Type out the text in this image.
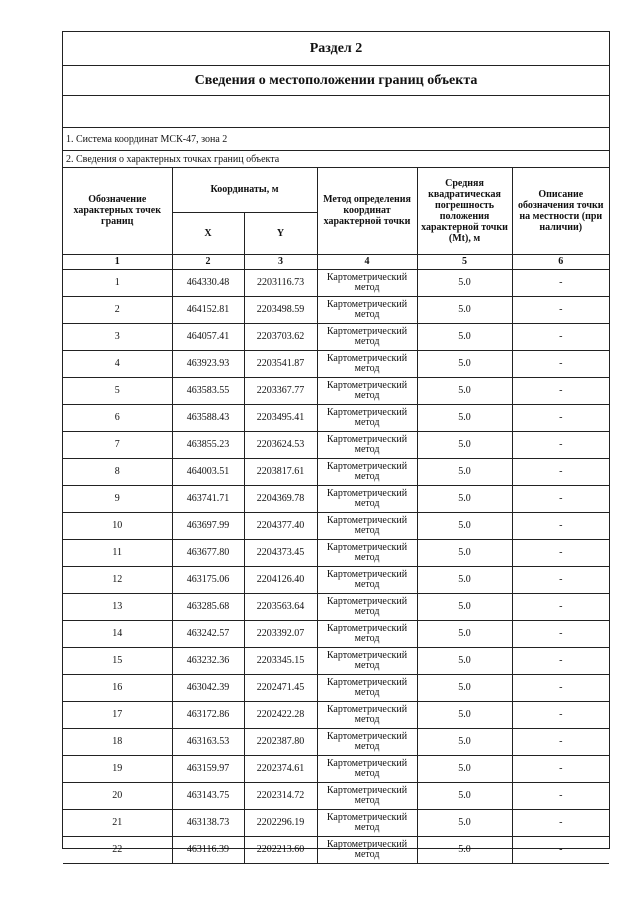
Раздел 2
Сведения о местоположении границ объекта
1. Система координат МСК-47, зона 2
2. Сведения о характерных точках границ объекта
Обозначение характерных точек границ	Координаты, м		Метод определения координат характерной точки	Средняя квадратическая погрешность положения характерной точки (Mt), м	Описание обозначения точки на местности (при наличии)
	X	Y			
1	2	3	4	5	6
1	464330.48	2203116.73	Картометрический метод	5.0	-
2	464152.81	2203498.59	Картометрический метод	5.0	-
3	464057.41	2203703.62	Картометрический метод	5.0	-
4	463923.93	2203541.87	Картометрический метод	5.0	-
5	463583.55	2203367.77	Картометрический метод	5.0	-
6	463588.43	2203495.41	Картометрический метод	5.0	-
7	463855.23	2203624.53	Картометрический метод	5.0	-
8	464003.51	2203817.61	Картометрический метод	5.0	-
9	463741.71	2204369.78	Картометрический метод	5.0	-
10	463697.99	2204377.40	Картометрический метод	5.0	-
11	463677.80	2204373.45	Картометрический метод	5.0	-
12	463175.06	2204126.40	Картометрический метод	5.0	-
13	463285.68	2203563.64	Картометрический метод	5.0	-
14	463242.57	2203392.07	Картометрический метод	5.0	-
15	463232.36	2203345.15	Картометрический метод	5.0	-
16	463042.39	2202471.45	Картометрический метод	5.0	-
17	463172.86	2202422.28	Картометрический метод	5.0	-
18	463163.53	2202387.80	Картометрический метод	5.0	-
19	463159.97	2202374.61	Картометрический метод	5.0	-
20	463143.75	2202314.72	Картометрический метод	5.0	-
21	463138.73	2202296.19	Картометрический метод	5.0	-
22	463116.39	2202213.60	Картометрический метод	5.0	-
